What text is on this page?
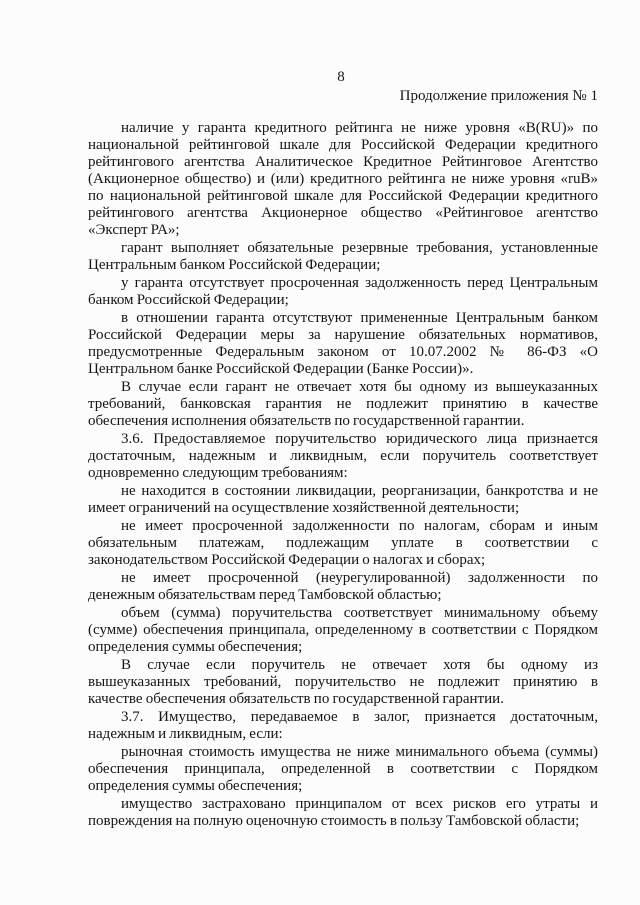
8
Продолжение приложения № 1
наличие у гаранта кредитного рейтинга не ниже уровня «B(RU)» по
национальной рейтинговой шкале для Российской Федерации кредитного
рейтингового агентства Аналитическое Кредитное Рейтинговое Агентство
(Акционерное общество) и (или) кредитного рейтинга не ниже уровня «ruB»
по национальной рейтинговой шкале для Российской Федерации кредитного
рейтингового агентства Акционерное общество «Рейтинговое агентство
«Эксперт РА»;
гарант выполняет обязательные резервные требования, установленные
Центральным банком Российской Федерации;
у гаранта отсутствует просроченная задолженность перед Центральным
банком Российской Федерации;
в отношении гаранта отсутствуют примененные Центральным банком
Российской Федерации меры за нарушение обязательных нормативов,
предусмотренные Федеральным законом от 10.07.2002 № 86-ФЗ «О
Центральном банке Российской Федерации (Банке России)».
В случае если гарант не отвечает хотя бы одному из вышеуказанных
требований, банковская гарантия не подлежит принятию в качестве
обеспечения исполнения обязательств по государственной гарантии.
3.6. Предоставляемое поручительство юридического лица признается
достаточным, надежным и ликвидным, если поручитель соответствует
одновременно следующим требованиям:
не находится в состоянии ликвидации, реорганизации, банкротства и не
имеет ограничений на осуществление хозяйственной деятельности;
не имеет просроченной задолженности по налогам, сборам и иным
обязательным платежам, подлежащим уплате в соответствии с
законодательством Российской Федерации о налогах и сборах;
не имеет просроченной (неурегулированной) задолженности по
денежным обязательствам перед Тамбовской областью;
объем (сумма) поручительства соответствует минимальному объему
(сумме) обеспечения принципала, определенному в соответствии с Порядком
определения суммы обеспечения;
В случае если поручитель не отвечает хотя бы одному из
вышеуказанных требований, поручительство не подлежит принятию в
качестве обеспечения обязательств по государственной гарантии.
3.7. Имущество, передаваемое в залог, признается достаточным,
надежным и ликвидным, если:
рыночная стоимость имущества не ниже минимального объема (суммы)
обеспечения принципала, определенной в соответствии с Порядком
определения суммы обеспечения;
имущество застраховано принципалом от всех рисков его утраты и
повреждения на полную оценочную стоимость в пользу Тамбовской области;
